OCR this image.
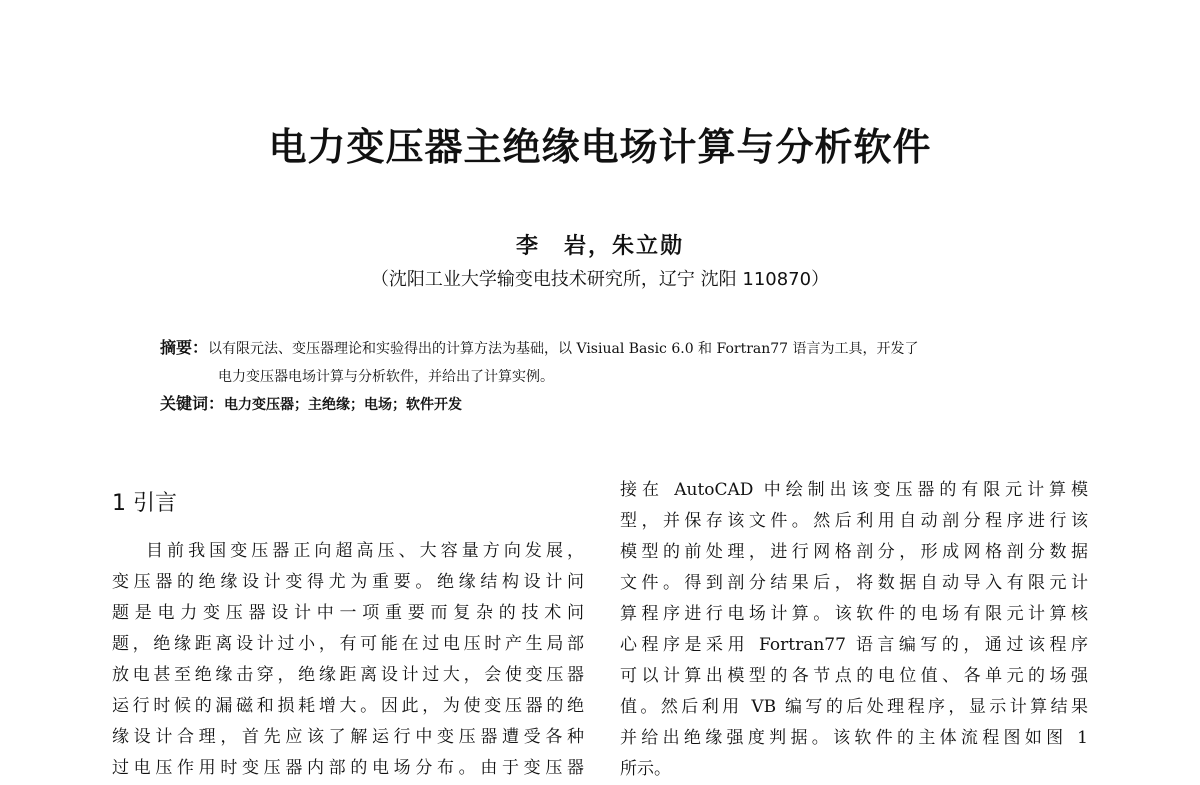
电力变压器主绝缘电场计算与分析软件
李　岩，朱立勋
（沈阳工业大学输变电技术研究所，辽宁 沈阳 110870）
摘要：以有限元法、变压器理论和实验得出的计算方法为基础，以 Visiual Basic 6.0 和 Fortran77 语言为工具，开发了
电力变压器电场计算与分析软件，并给出了计算实例。
关键词：电力变压器；主绝缘；电场；软件开发
1 引言
目前我国变压器正向超高压、大容量方向发展，
变压器的绝缘设计变得尤为重要。绝缘结构设计问
题是电力变压器设计中一项重要而复杂的技术问
题，绝缘距离设计过小，有可能在过电压时产生局部
放电甚至绝缘击穿，绝缘距离设计过大，会使变压器
运行时候的漏磁和损耗增大。因此，为使变压器的绝
缘设计合理，首先应该了解运行中变压器遭受各种
过电压作用时变压器内部的电场分布。由于变压器
接在 AutoCAD 中绘制出该变压器的有限元计算模
型，并保存该文件。然后利用自动剖分程序进行该
模型的前处理，进行网格剖分，形成网格剖分数据
文件。得到剖分结果后，将数据自动导入有限元计
算程序进行电场计算。该软件的电场有限元计算核
心程序是采用 Fortran77 语言编写的，通过该程序
可以计算出模型的各节点的电位值、各单元的场强
值。然后利用 VB 编写的后处理程序，显示计算结果
并给出绝缘强度判据。该软件的主体流程图如图 1
所示。
